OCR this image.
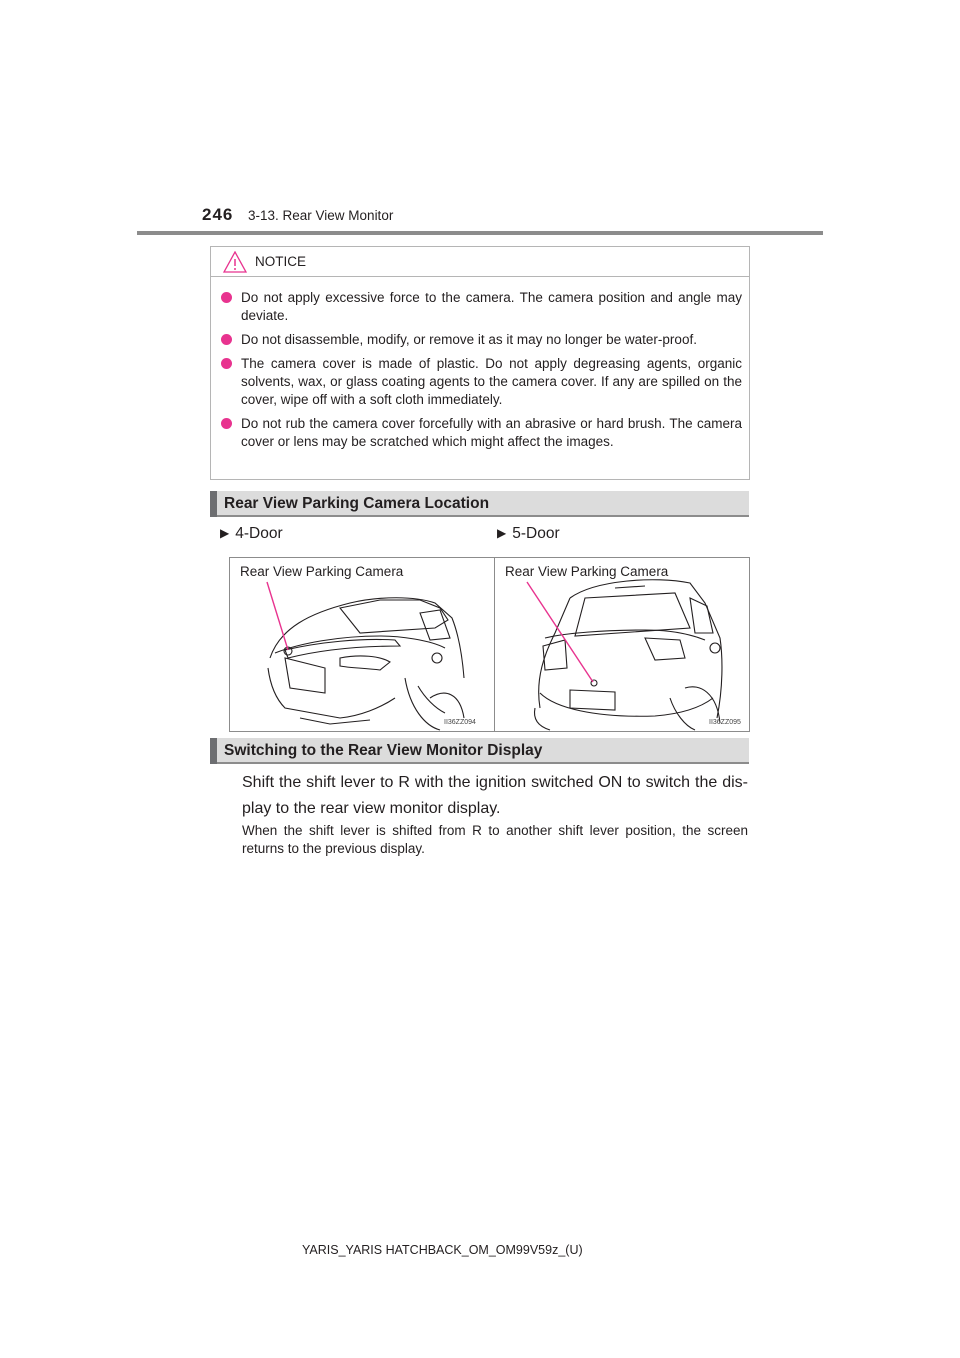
246 3-13. Rear View Monitor
NOTICE
Do not apply excessive force to the camera. The camera position and angle may deviate.
Do not disassemble, modify, or remove it as it may no longer be water-proof.
The camera cover is made of plastic. Do not apply degreasing agents, organic solvents, wax, or glass coating agents to the camera cover. If any are spilled on the cover, wipe off with a soft cloth immediately.
Do not rub the camera cover forcefully with an abrasive or hard brush. The camera cover or lens may be scratched which might affect the images.
Rear View Parking Camera Location
▶ 4-Door	▶ 5-Door
Rear View Parking Camera	Rear View Parking Camera
II36ZZ094	II36ZZ095
Switching to the Rear View Monitor Display

Shift the shift lever to R with the ignition switched ON to switch the dis-play to the rear view monitor display.

When the shift lever is shifted from R to another shift lever position, the screen returns to the previous display.

YARIS_YARIS HATCHBACK_OM_OM99V59z_(U)
